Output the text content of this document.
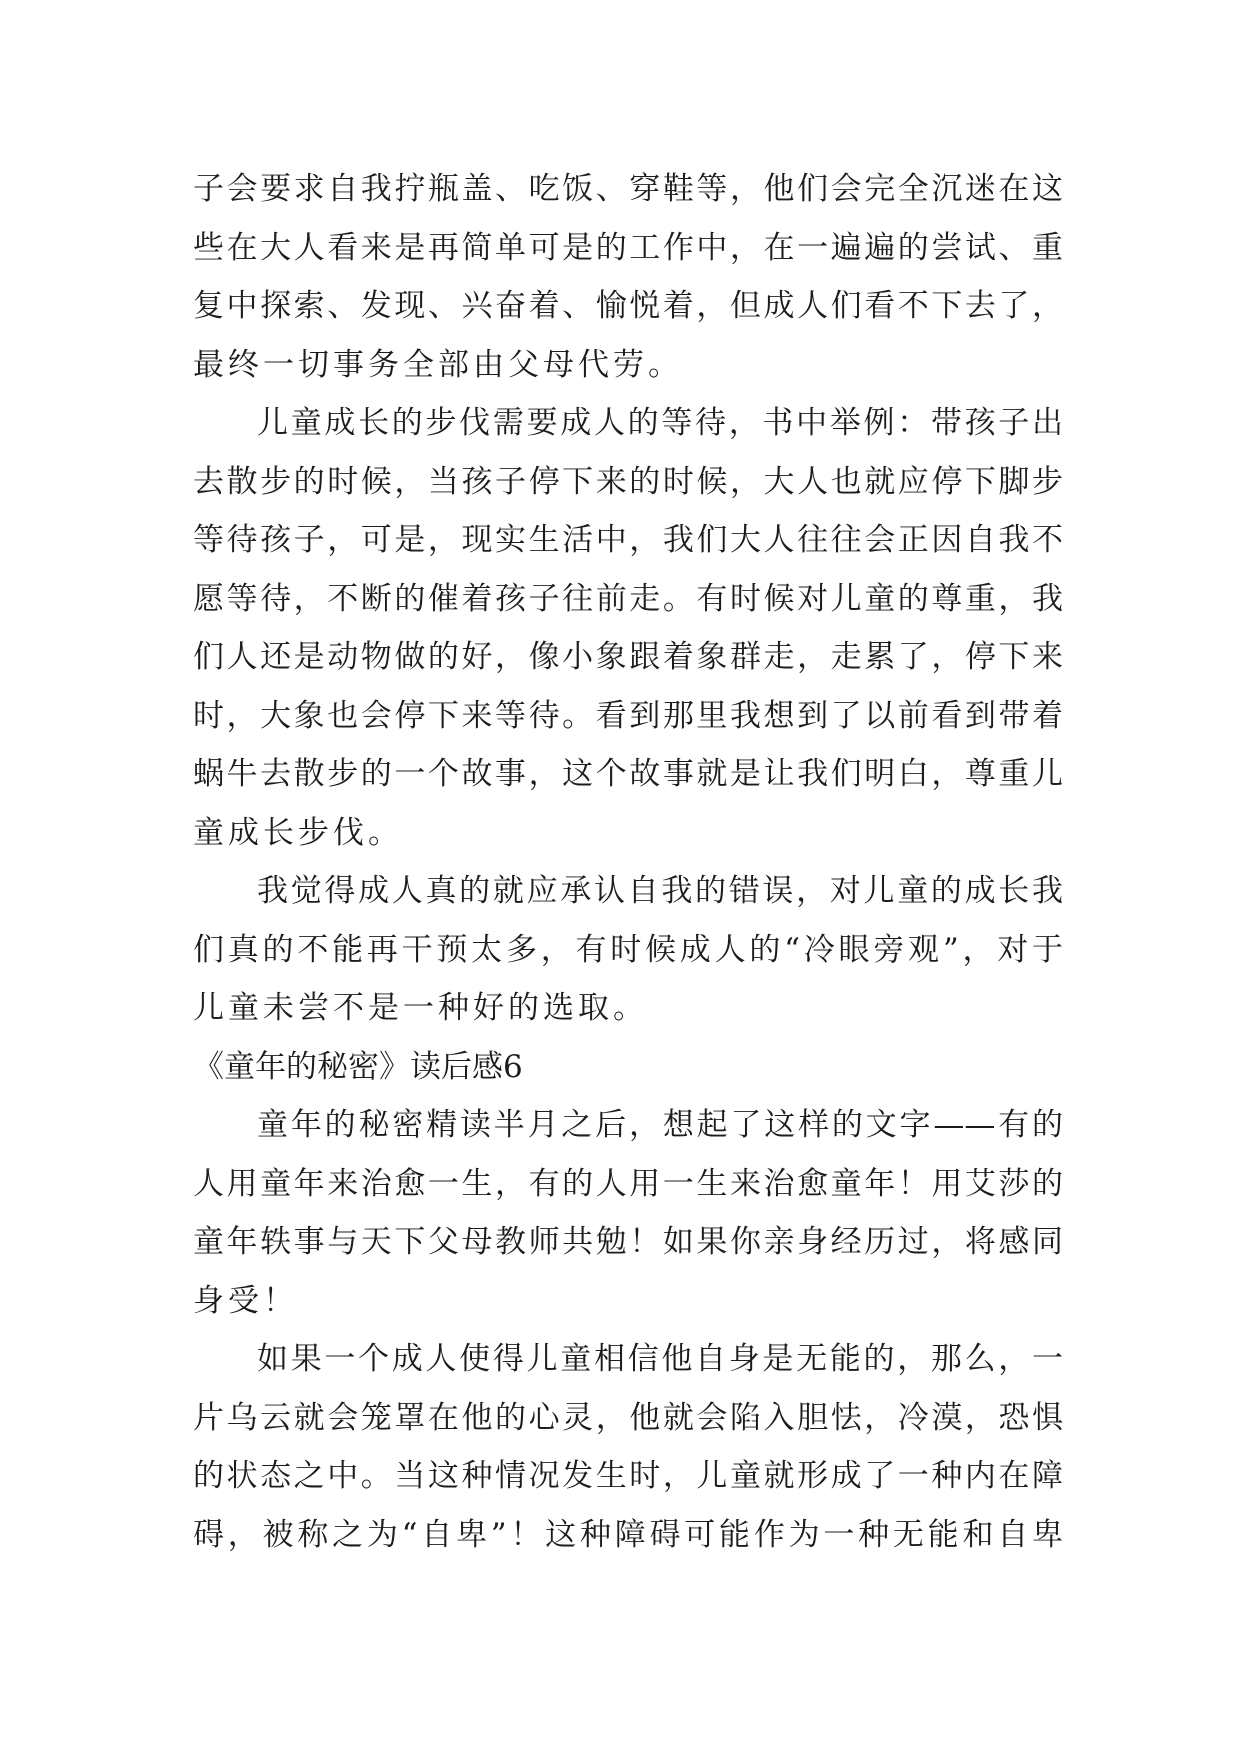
子会要求自我拧瓶盖、吃饭、穿鞋等，他们会完全沉迷在这
些在大人看来是再简单可是的工作中，在一遍遍的尝试、重
复中探索、发现、兴奋着、愉悦着，但成人们看不下去了，
最终一切事务全部由父母代劳。
儿童成长的步伐需要成人的等待，书中举例：带孩子出
去散步的时候，当孩子停下来的时候，大人也就应停下脚步
等待孩子，可是，现实生活中，我们大人往往会正因自我不
愿等待，不断的催着孩子往前走。有时候对儿童的尊重，我
们人还是动物做的好，像小象跟着象群走，走累了，停下来
时，大象也会停下来等待。看到那里我想到了以前看到带着
蜗牛去散步的一个故事，这个故事就是让我们明白，尊重儿
童成长步伐。
我觉得成人真的就应承认自我的错误，对儿童的成长我
们真的不能再干预太多，有时候成人的“冷眼旁观”，对于
儿童未尝不是一种好的选取。
《童年的秘密》读后感6
童年的秘密精读半月之后，想起了这样的文字——有的
人用童年来治愈一生，有的人用一生来治愈童年！用艾莎的
童年轶事与天下父母教师共勉！如果你亲身经历过，将感同
身受！
如果一个成人使得儿童相信他自身是无能的，那么，一
片乌云就会笼罩在他的心灵，他就会陷入胆怯，冷漠，恐惧
的状态之中。当这种情况发生时，儿童就形成了一种内在障
碍，被称之为“自卑”！这种障碍可能作为一种无能和自卑
